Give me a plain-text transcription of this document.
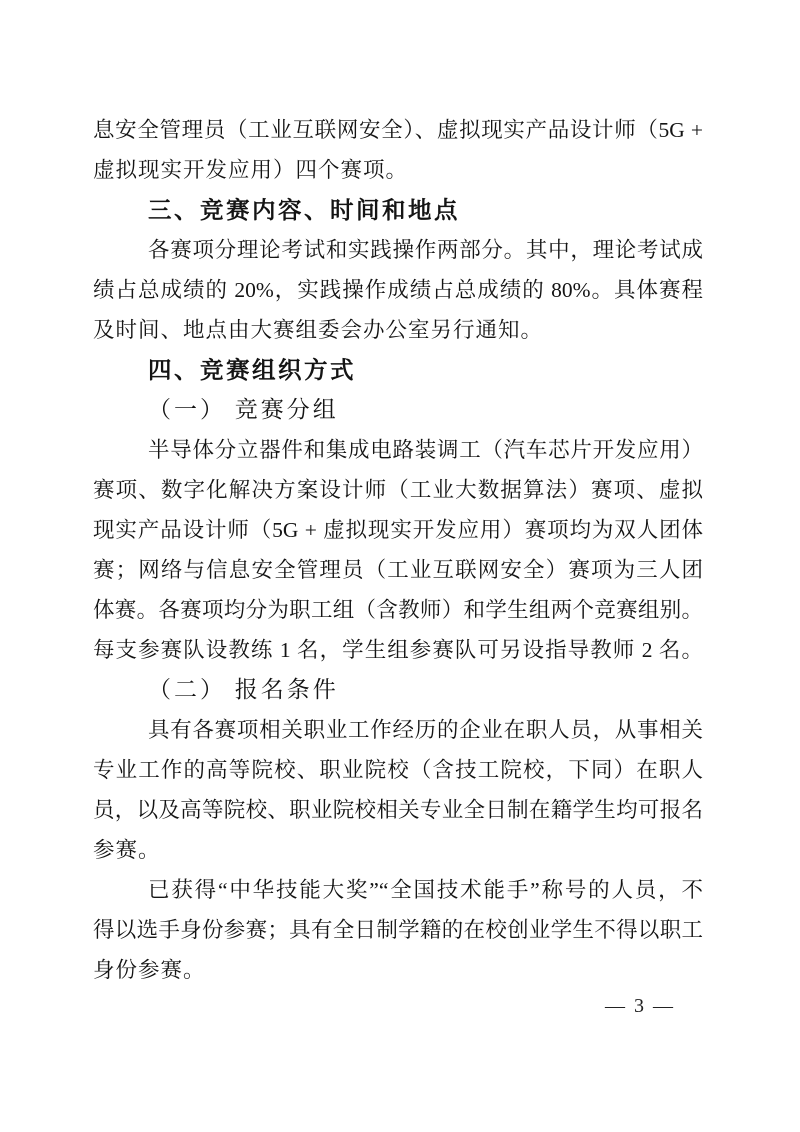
息安全管理员（工业互联网安全）、虚拟现实产品设计师（5G +
虚拟现实开发应用）四个赛项。
三、竞赛内容、时间和地点
各赛项分理论考试和实践操作两部分。其中，理论考试成
绩占总成绩的 20%，实践操作成绩占总成绩的 80%。具体赛程
及时间、地点由大赛组委会办公室另行通知。
四、竞赛组织方式
（一） 竞赛分组
半导体分立器件和集成电路装调工（汽车芯片开发应用）
赛项、数字化解决方案设计师（工业大数据算法）赛项、虚拟
现实产品设计师（5G + 虚拟现实开发应用）赛项均为双人团体
赛；网络与信息安全管理员（工业互联网安全）赛项为三人团
体赛。各赛项均分为职工组（含教师）和学生组两个竞赛组别。
每支参赛队设教练 1 名，学生组参赛队可另设指导教师 2 名。
（二） 报名条件
具有各赛项相关职业工作经历的企业在职人员，从事相关
专业工作的高等院校、职业院校（含技工院校，下同）在职人
员，以及高等院校、职业院校相关专业全日制在籍学生均可报名
参赛。
已获得“中华技能大奖”“全国技术能手”称号的人员，不
得以选手身份参赛；具有全日制学籍的在校创业学生不得以职工
身份参赛。
— 3 —
